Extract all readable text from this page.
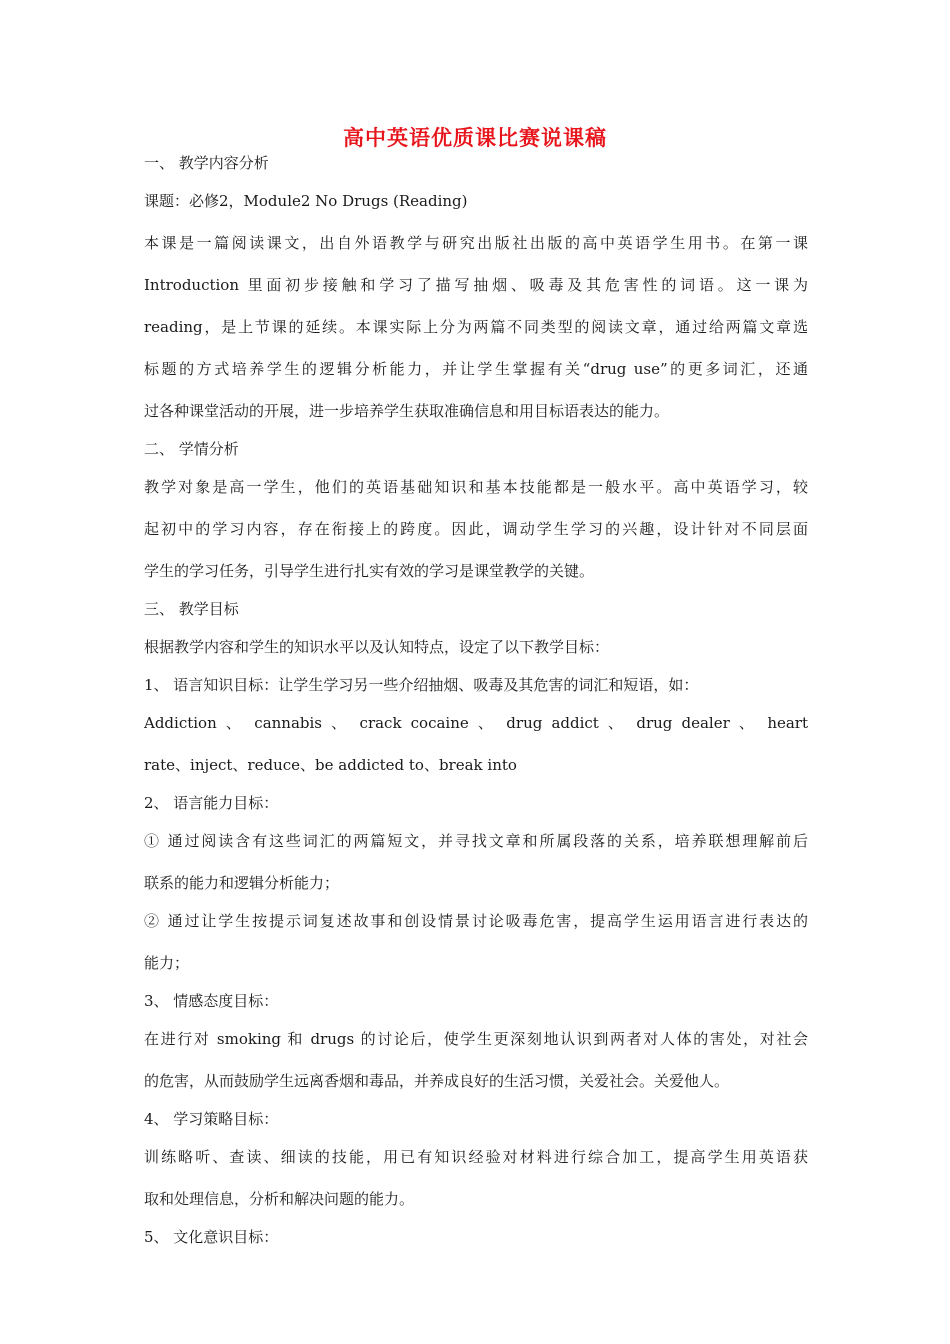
高中英语优质课比赛说课稿
一、 教学内容分析
课题：必修2，Module2 No Drugs (Reading)
本课是一篇阅读课文，出自外语教学与研究出版社出版的高中英语学生用书。在第一课
Introduction 里面初步接触和学习了描写抽烟、吸毒及其危害性的词语。这一课为
reading，是上节课的延续。本课实际上分为两篇不同类型的阅读文章，通过给两篇文章选
标题的方式培养学生的逻辑分析能力，并让学生掌握有关“drug use”的更多词汇，还通
过各种课堂活动的开展，进一步培养学生获取准确信息和用目标语表达的能力。
二、 学情分析
教学对象是高一学生，他们的英语基础知识和基本技能都是一般水平。高中英语学习，较
起初中的学习内容，存在衔接上的跨度。因此，调动学生学习的兴趣，设计针对不同层面
学生的学习任务，引导学生进行扎实有效的学习是课堂教学的关键。
三、 教学目标
根据教学内容和学生的知识水平以及认知特点，设定了以下教学目标：
1、 语言知识目标：让学生学习另一些介绍抽烟、吸毒及其危害的词汇和短语，如：
Addiction 、 cannabis 、 crack cocaine 、 drug addict 、 drug dealer 、 heart
rate、inject、reduce、be addicted to、break into
2、 语言能力目标：
① 通过阅读含有这些词汇的两篇短文，并寻找文章和所属段落的关系，培养联想理解前后
联系的能力和逻辑分析能力；
② 通过让学生按提示词复述故事和创设情景讨论吸毒危害，提高学生运用语言进行表达的
能力；
3、 情感态度目标：
在进行对 smoking 和 drugs 的讨论后，使学生更深刻地认识到两者对人体的害处，对社会
的危害，从而鼓励学生远离香烟和毒品，并养成良好的生活习惯，关爱社会。关爱他人。
4、 学习策略目标：
训练略听、查读、细读的技能，用已有知识经验对材料进行综合加工，提高学生用英语获
取和处理信息，分析和解决问题的能力。
5、 文化意识目标：
